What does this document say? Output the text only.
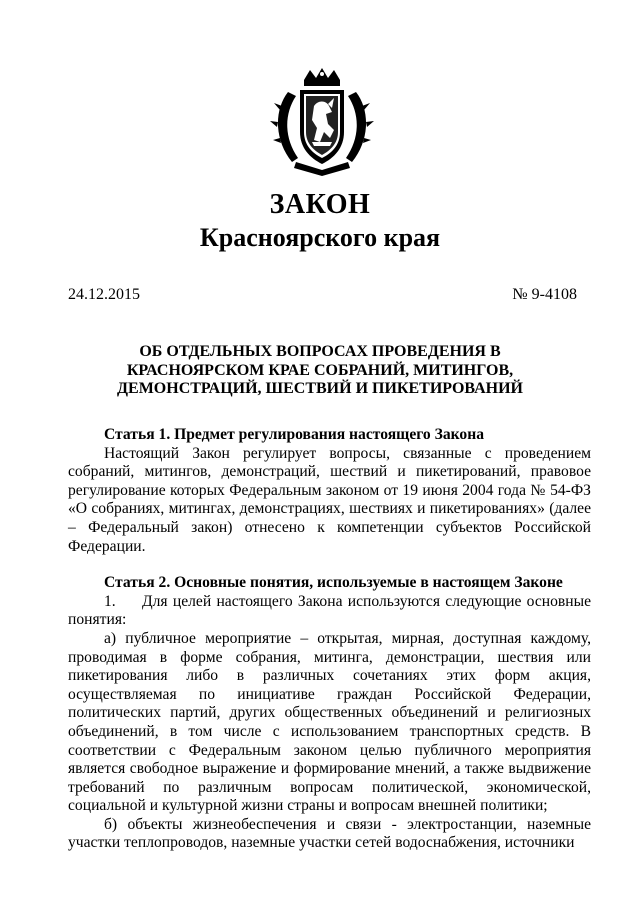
ЗАКОН
Красноярского края
24.12.2015	№ 9-4108
ОБ ОТДЕЛЬНЫХ ВОПРОСАХ ПРОВЕДЕНИЯ В КРАСНОЯРСКОМ КРАЕ СОБРАНИЙ, МИТИНГОВ, ДЕМОНСТРАЦИЙ, ШЕСТВИЙ И ПИКЕТИРОВАНИЙ

Статья 1. Предмет регулирования настоящего Закона

Настоящий Закон регулирует вопросы, связанные с проведением собраний, митингов, демонстраций, шествий и пикетирований, правовое регулирование которых Федеральным законом от 19 июня 2004 года № 54-ФЗ «О собраниях, митингах, демонстрациях, шествиях и пикетированиях» (далее – Федеральный закон) отнесено к компетенции субъектов Российской Федерации.

Статья 2. Основные понятия, используемые в настоящем Законе

1. Для целей настоящего Закона используются следующие основные понятия:

а) публичное мероприятие – открытая, мирная, доступная каждому, проводимая в форме собрания, митинга, демонстрации, шествия или пикетирования либо в различных сочетаниях этих форм акция, осуществляемая по инициативе граждан Российской Федерации, политических партий, других общественных объединений и религиозных объединений, в том числе с использованием транспортных средств. В соответствии с Федеральным законом целью публичного мероприятия является свободное выражение и формирование мнений, а также выдвижение требований по различным вопросам политической, экономической, социальной и культурной жизни страны и вопросам внешней политики;

б) объекты жизнеобеспечения и связи - электростанции, наземные участки теплопроводов, наземные участки сетей водоснабжения, источники
